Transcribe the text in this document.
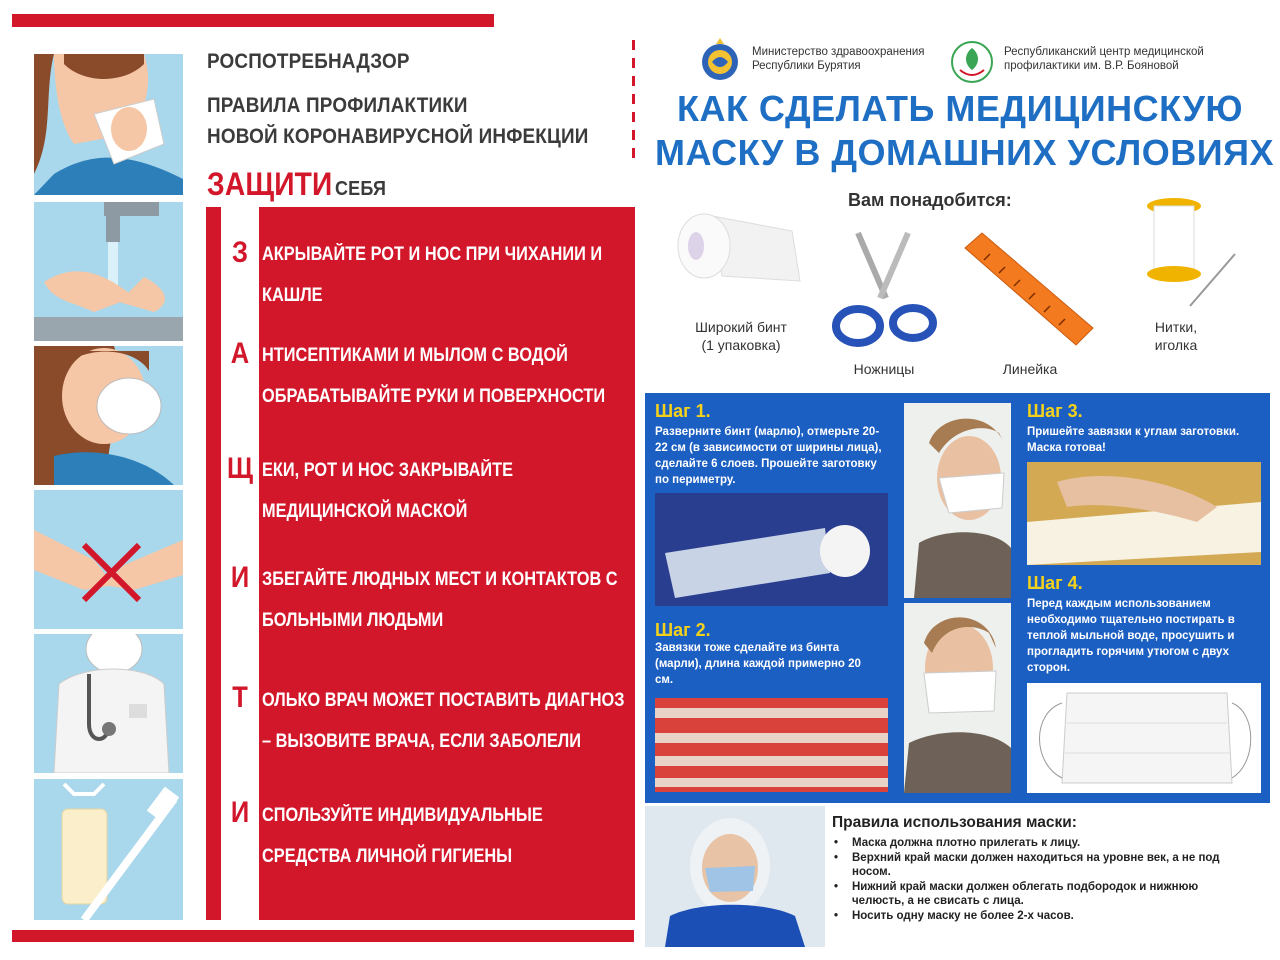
РОСПОТРЕБНАДЗОР
ПРАВИЛА ПРОФИЛАКТИКИ
НОВОЙ КОРОНАВИРУСНОЙ ИНФЕКЦИИ
ЗАЩИТИ СЕБЯ
З АКРЫВАЙТЕ РОТ И НОС ПРИ ЧИХАНИИ И КАШЛЕ
А НТИСЕПТИКАМИ И МЫЛОМ С ВОДОЙ ОБРАБАТЫВАЙТЕ РУКИ И ПОВЕРХНОСТИ
Щ ЕКИ, РОТ И НОС ЗАКРЫВАЙТЕ МЕДИЦИНСКОЙ МАСКОЙ
И ЗБЕГАЙТЕ ЛЮДНЫХ МЕСТ И КОНТАКТОВ С БОЛЬНЫМИ ЛЮДЬМИ
Т ОЛЬКО ВРАЧ МОЖЕТ ПОСТАВИТЬ ДИАГНОЗ – ВЫЗОВИТЕ ВРАЧА, ЕСЛИ ЗАБОЛЕЛИ
И СПОЛЬЗУЙТЕ ИНДИВИДУАЛЬНЫЕ СРЕДСТВА ЛИЧНОЙ ГИГИЕНЫ
Министерство здравоохранения
Республики Бурятия
Республиканский центр медицинской
профилактики им. В.Р. Бояновой
КАК СДЕЛАТЬ МЕДИЦИНСКУЮ
МАСКУ В ДОМАШНИХ УСЛОВИЯХ
Вам понадобится:
Широкий бинт
(1 упаковка)
Ножницы	Линейка
Нитки,
иголка
Шаг 1.
Разверните бинт (марлю), отмерьте 20-22 см (в зависимости от ширины лица), сделайте 6 слоев. Прошейте заготовку по периметру.
Шаг 2.
Завязки тоже сделайте из бинта (марли), длина каждой примерно 20 см.
Шаг 3.
Пришейте завязки к углам заготовки. Маска готова!
Шаг 4.
Перед каждым использованием необходимо тщательно постирать в теплой мыльной воде, просушить и прогладить горячим утюгом с двух сторон.
Правила использования маски:
• Маска должна плотно прилегать к лицу.
• Верхний край маски должен находиться на уровне век, а не под носом.
• Нижний край маски должен облегать подбородок и нижнюю челюсть, а не свисать с лица.
• Носить одну маску не более 2-х часов.
